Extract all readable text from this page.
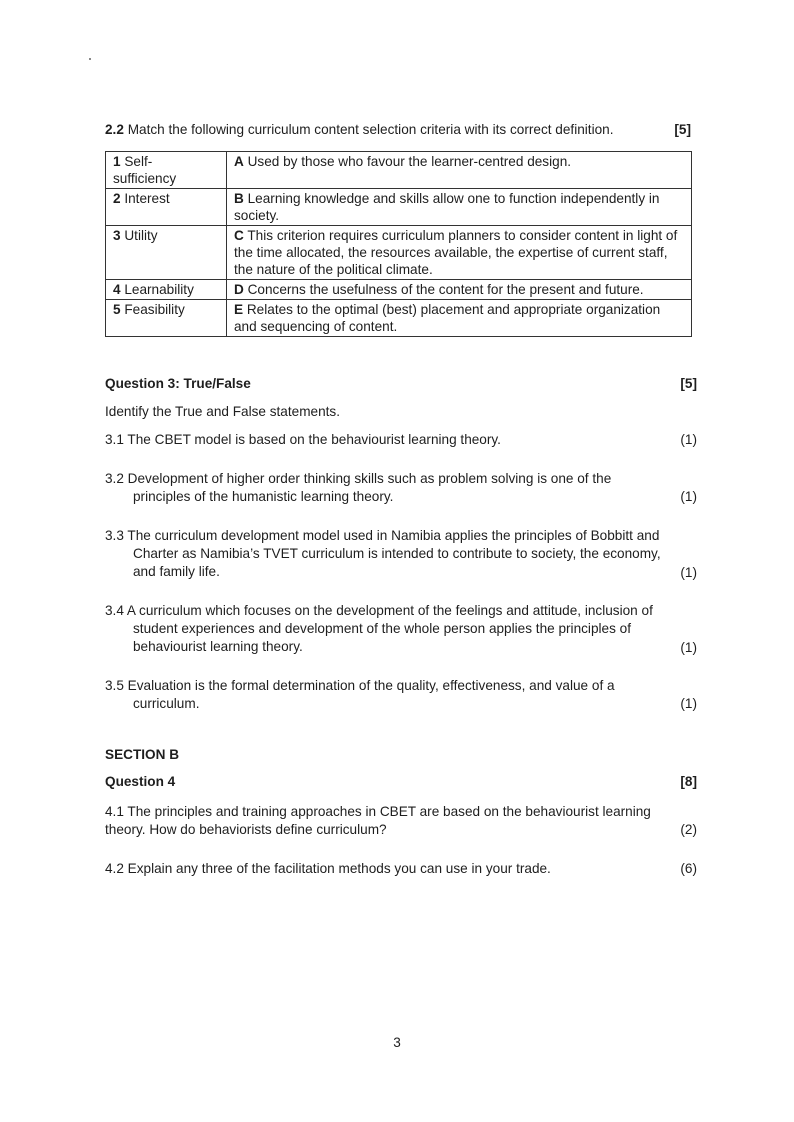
2.2 Match the following curriculum content selection criteria with its correct definition.	[5]
1 Self-
sufficiency	A Used by those who favour the learner-centred design.
2 Interest	B Learning knowledge and skills allow one to function independently in society.
3 Utility	C This criterion requires curriculum planners to consider content in light of the time allocated, the resources available, the expertise of current staff, the nature of the political climate.
4 Learnability	D Concerns the usefulness of the content for the present and future.
5 Feasibility	E Relates to the optimal (best) placement and appropriate organization and sequencing of content.
Question 3: True/False	[5]
Identify the True and False statements.
3.1 The CBET model is based on the behaviourist learning theory.	(1)
3.2 Development of higher order thinking skills such as problem solving is one of the
principles of the humanistic learning theory.	(1)
3.3 The curriculum development model used in Namibia applies the principles of Bobbitt and
Charter as Namibia’s TVET curriculum is intended to contribute to society, the economy,
and family life.	(1)
3.4 A curriculum which focuses on the development of the feelings and attitude, inclusion of
student experiences and development of the whole person applies the principles of
behaviourist learning theory.	(1)
3.5 Evaluation is the formal determination of the quality, effectiveness, and value of a
curriculum.	(1)
SECTION B
Question 4	[8]
4.1 The principles and training approaches in CBET are based on the behaviourist learning
theory. How do behaviorists define curriculum?	(2)
4.2 Explain any three of the facilitation methods you can use in your trade.	(6)
3
